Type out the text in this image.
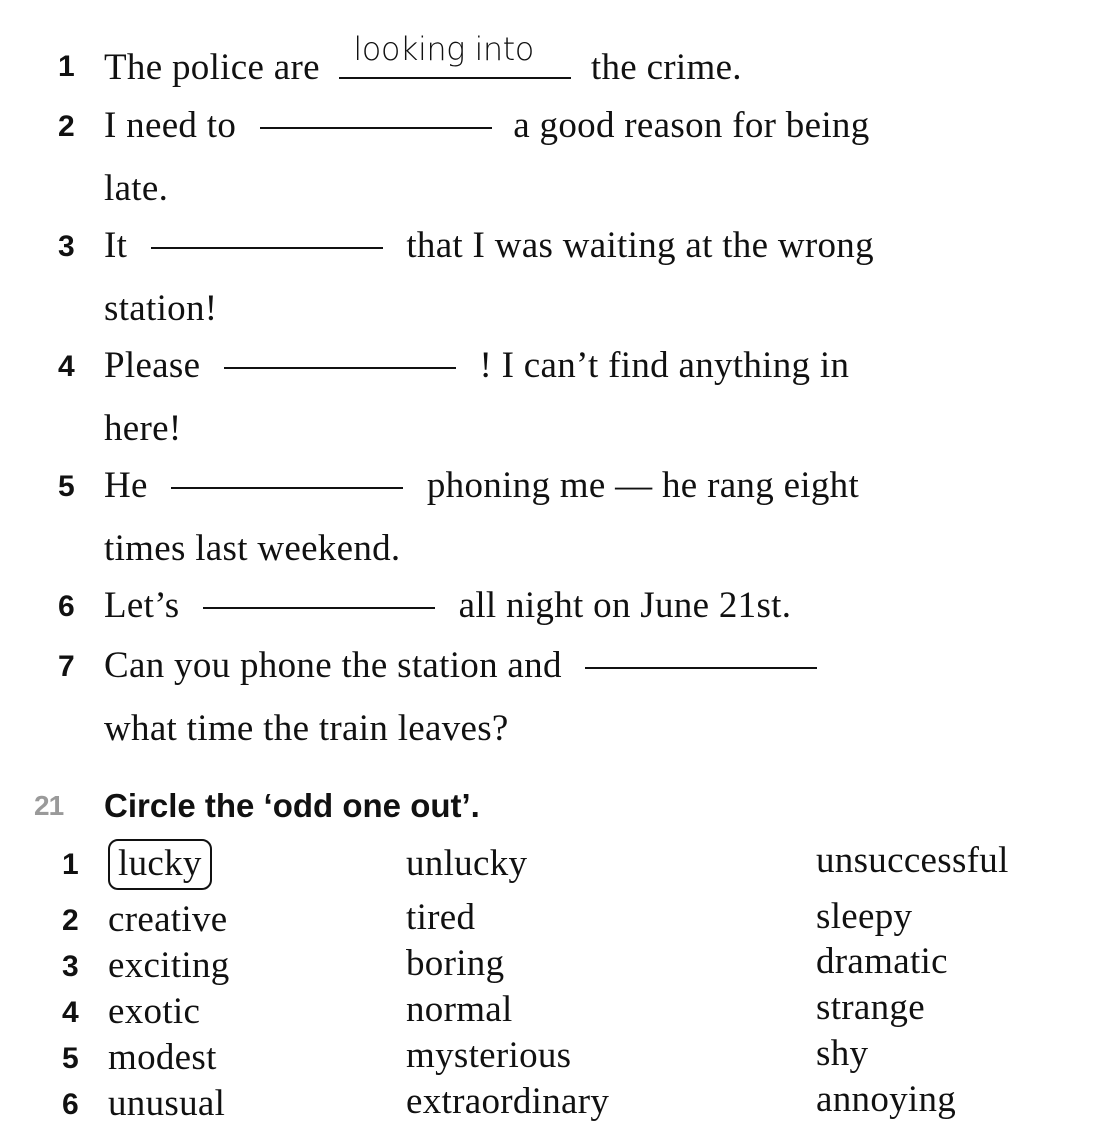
1 The police are looking into the crime.
2 I need to	a good reason for being
late.
3 It	that I was waiting at the wrong
station!
4 Please	! I can’t find anything in
here!
5 He	phoning me — he rang eight
times last weekend.
6 Let’s	all night on June 21st.
7 Can you phone the station and
what time the train leaves?
21 Circle the ‘odd one out’.
1 lucky	unlucky	unsuccessful
2 creative	tired	sleepy
3 exciting	boring	dramatic
4 exotic	normal	strange
5 modest	mysterious	shy
6 unusual	extraordinary	annoying
